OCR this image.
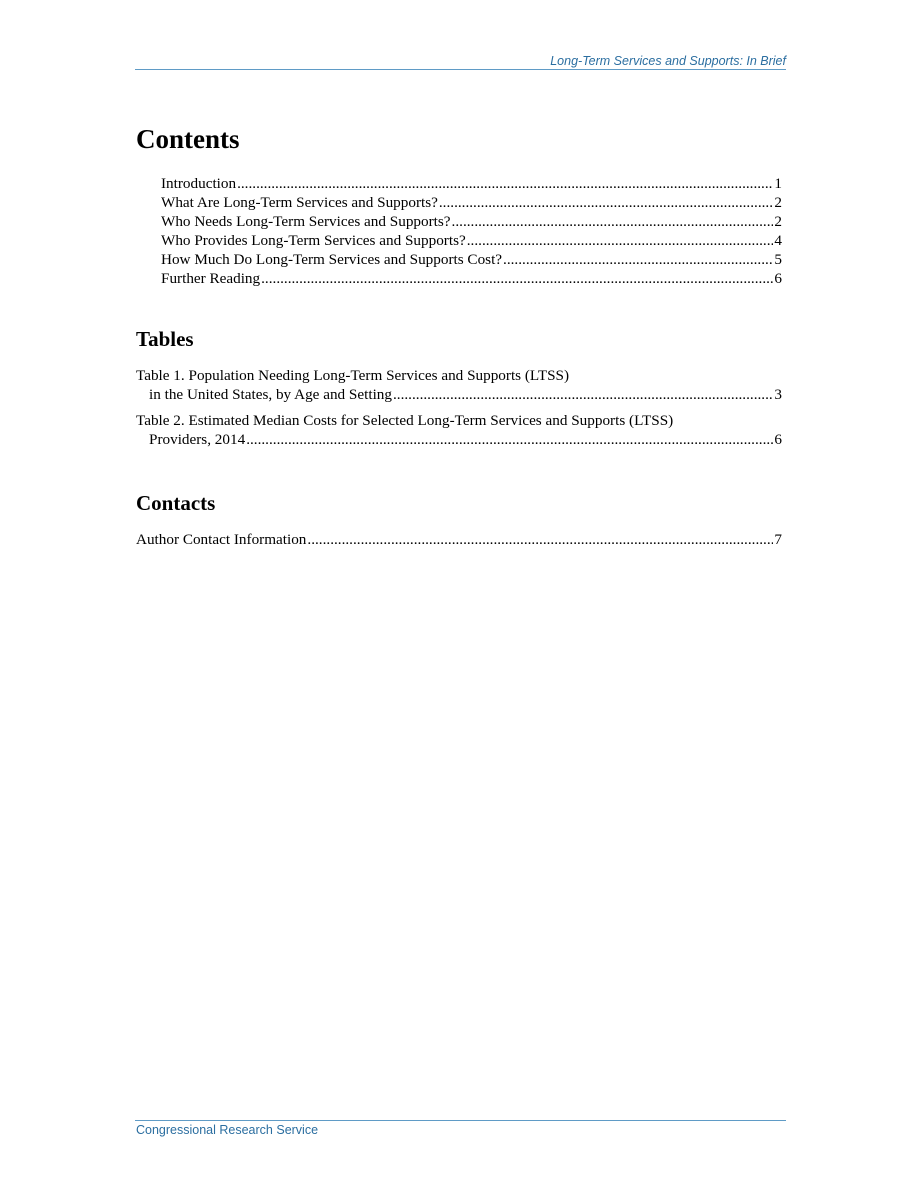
Long-Term Services and Supports: In Brief
Contents
Introduction .....	1
What Are Long-Term Services and Supports? .....	2
Who Needs Long-Term Services and Supports? .....	2
Who Provides Long-Term Services and Supports? .....	4
How Much Do Long-Term Services and Supports Cost? .....	5
Further Reading .....	6
Tables
Table 1. Population Needing Long-Term Services and Supports (LTSS)
in the United States, by Age and Setting .....	3
Table 2. Estimated Median Costs for Selected Long-Term Services and Supports (LTSS)
Providers, 2014 .....	6
Contacts
Author Contact Information .....	7
Congressional Research Service
